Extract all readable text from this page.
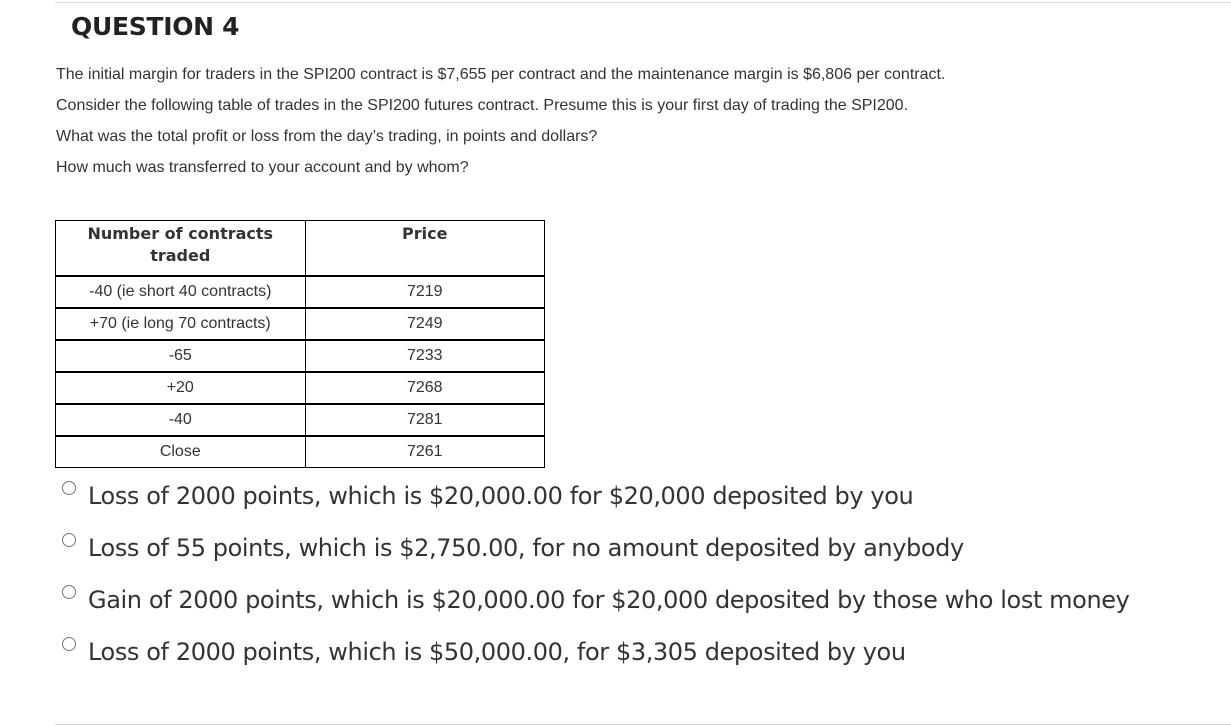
QUESTION 4
The initial margin for traders in the SPI200 contract is $7,655 per contract and the maintenance margin is $6,806 per contract.
Consider the following table of trades in the SPI200 futures contract. Presume this is your first day of trading the SPI200.
What was the total profit or loss from the day’s trading, in points and dollars?
How much was transferred to your account and by whom?
Number of contracts traded	Price
-40 (ie short 40 contracts)	7219
+70 (ie long 70 contracts)	7249
-65	7233
+20	7268
-40	7281
Close	7261
Loss of 2000 points, which is $20,000.00 for $20,000 deposited by you
Loss of 55 points, which is $2,750.00, for no amount deposited by anybody
Gain of 2000 points, which is $20,000.00 for $20,000 deposited by those who lost money
Loss of 2000 points, which is $50,000.00, for $3,305 deposited by you
